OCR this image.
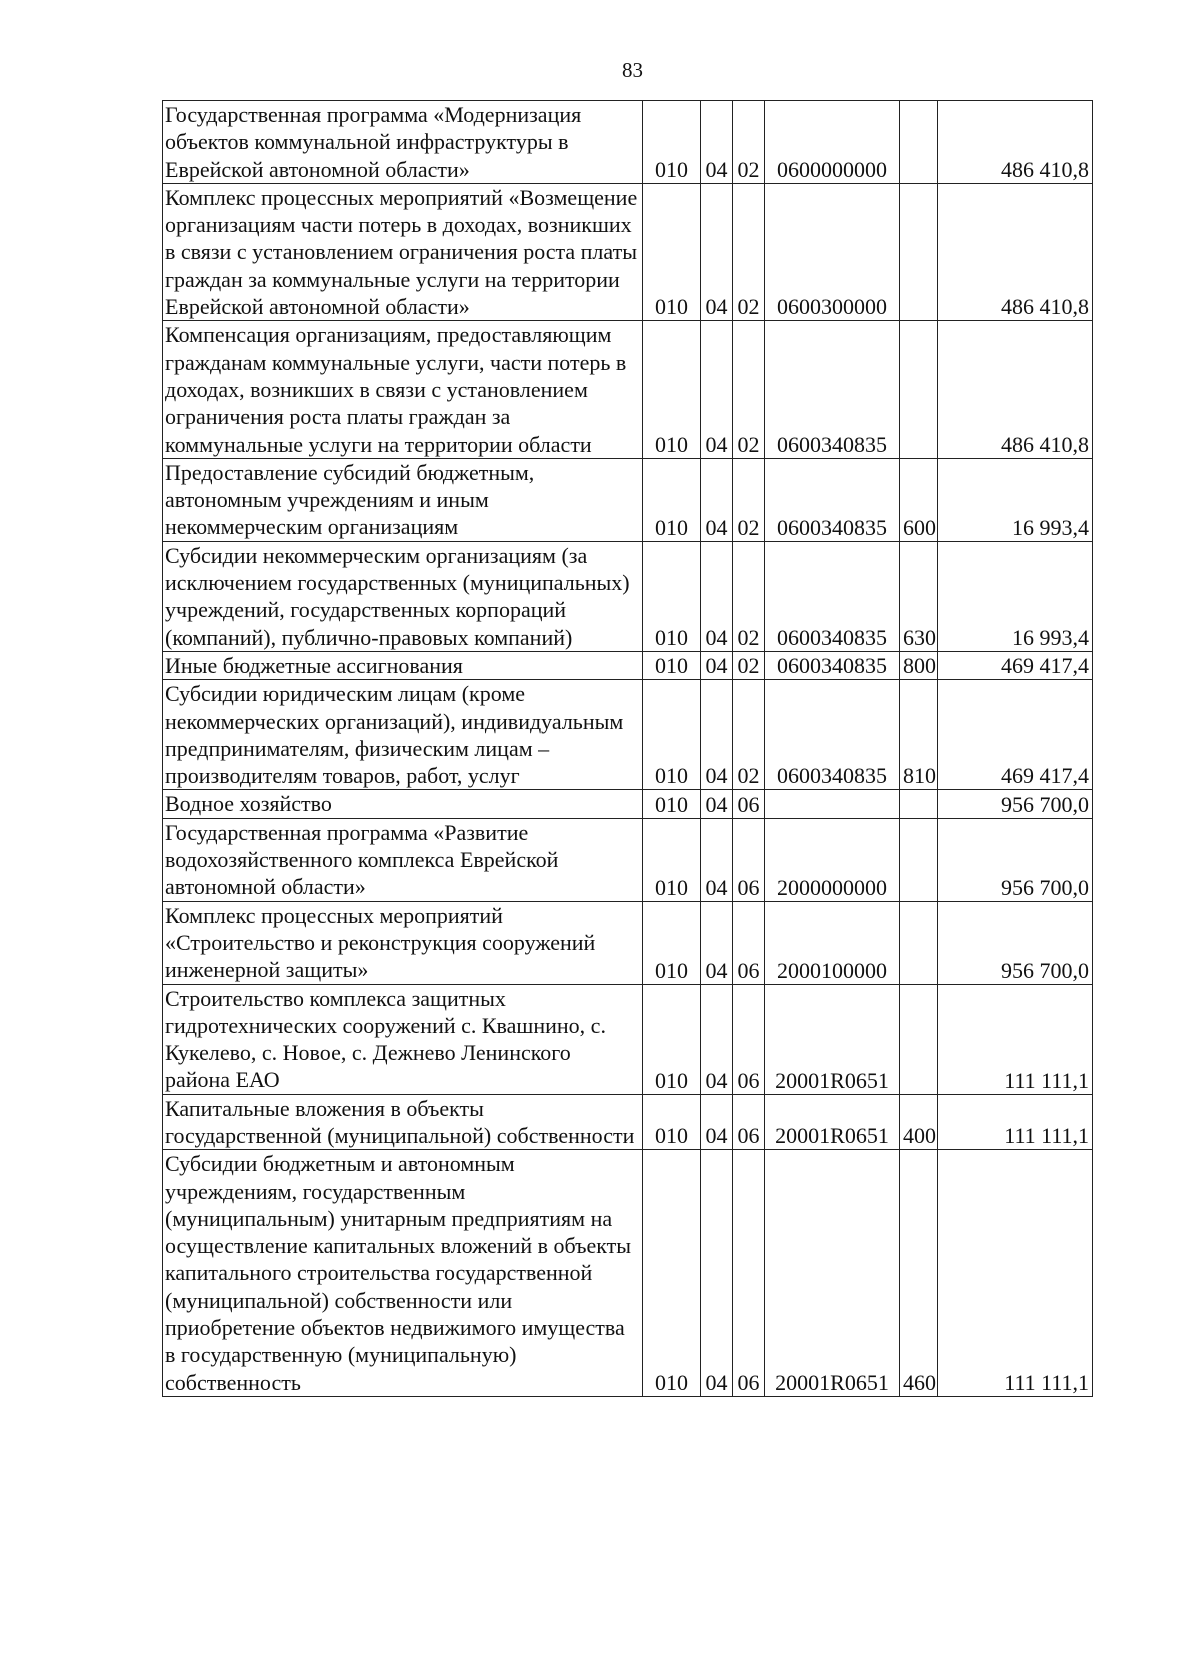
83
Государственная программа «Модернизация объектов коммунальной инфраструктуры в Еврейской автономной области»	010	04	02	0600000000		486 410,8
Комплекс процессных мероприятий «Возмещение организациям части потерь в доходах, возникших в связи с установлением ограничения роста платы граждан за коммунальные услуги на территории Еврейской автономной области»	010	04	02	0600300000		486 410,8
Компенсация организациям, предоставляющим гражданам коммунальные услуги, части потерь в доходах, возникших в связи с установлением ограничения роста платы граждан за коммунальные услуги на территории области	010	04	02	0600340835		486 410,8
Предоставление субсидий бюджетным, автономным учреждениям и иным некоммерческим организациям	010	04	02	0600340835	600	16 993,4
Субсидии некоммерческим организациям (за исключением государственных (муниципальных) учреждений, государственных корпораций (компаний), публично-правовых компаний)	010	04	02	0600340835	630	16 993,4
Иные бюджетные ассигнования	010	04	02	0600340835	800	469 417,4
Субсидии юридическим лицам (кроме некоммерческих организаций), индивидуальным предпринимателям, физическим лицам – производителям товаров, работ, услуг	010	04	02	0600340835	810	469 417,4
Водное хозяйство	010	04	06			956 700,0
Государственная программа «Развитие водохозяйственного комплекса Еврейской автономной области»	010	04	06	2000000000		956 700,0
Комплекс процессных мероприятий «Строительство и реконструкция сооружений инженерной защиты»	010	04	06	2000100000		956 700,0
Строительство комплекса защитных гидротехнических сооружений с. Квашнино, с. Кукелево, с. Новое, с. Дежнево Ленинского района ЕАО	010	04	06	20001R0651		111 111,1
Капитальные вложения в объекты государственной (муниципальной) собственности	010	04	06	20001R0651	400	111 111,1
Субсидии бюджетным и автономным учреждениям, государственным (муниципальным) унитарным предприятиям на осуществление капитальных вложений в объекты капитального строительства государственной (муниципальной) собственности или приобретение объектов недвижимого имущества в государственную (муниципальную) собственность	010	04	06	20001R0651	460	111 111,1
